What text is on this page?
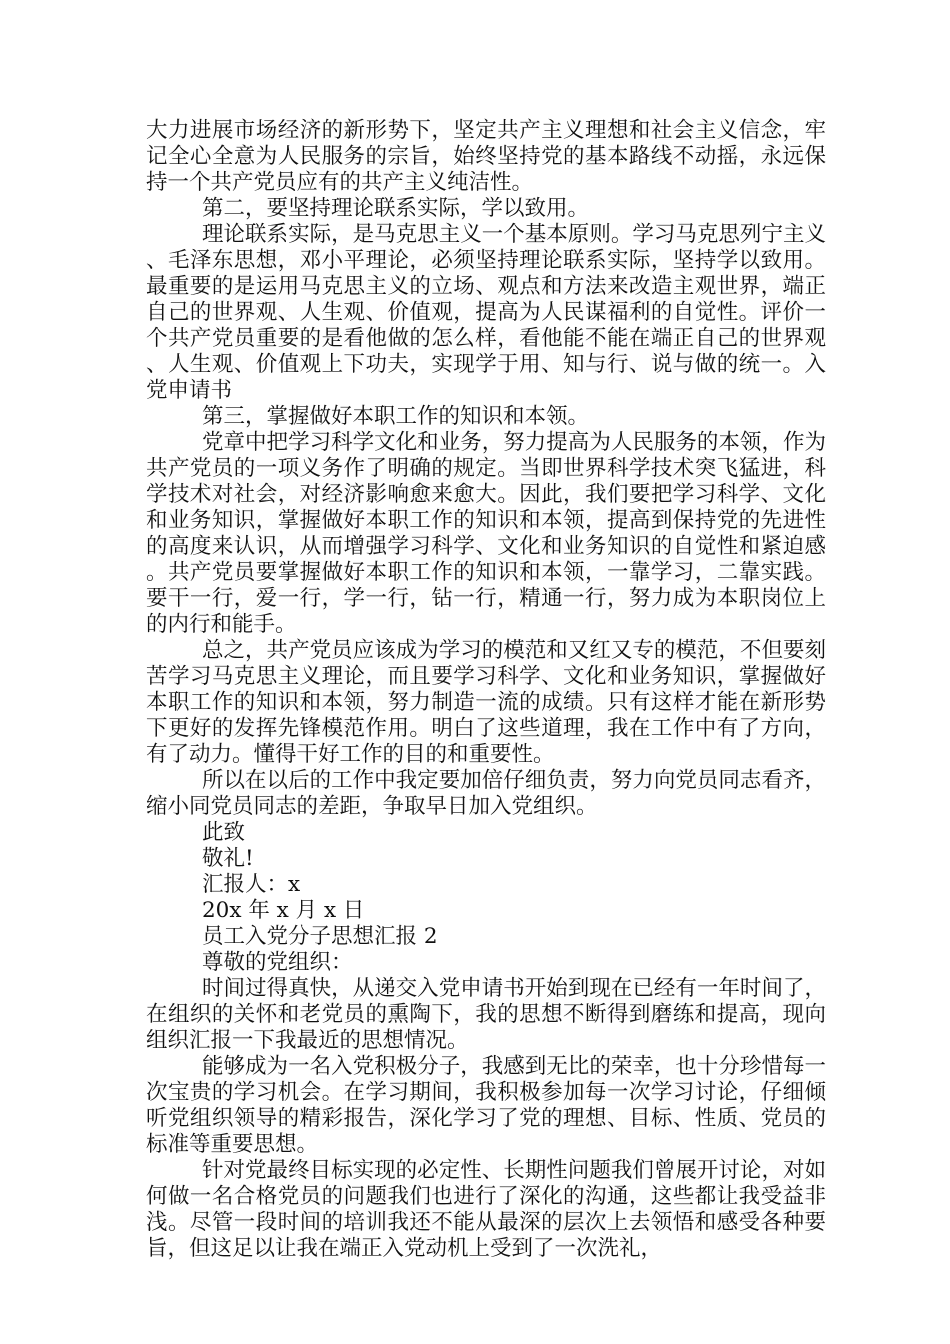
大力进展市场经济的新形势下，坚定共产主义理想和社会主义信念，牢记全心全意为人民服务的宗旨，始终坚持党的基本路线不动摇，永远保持一个共产党员应有的共产主义纯洁性。

第二，要坚持理论联系实际，学以致用。

理论联系实际，是马克思主义一个基本原则。学习马克思列宁主义、毛泽东思想，邓小平理论，必须坚持理论联系实际，坚持学以致用。最重要的是运用马克思主义的立场、观点和方法来改造主观世界，端正自己的世界观、人生观、价值观，提高为人民谋福利的自觉性。评价一个共产党员重要的是看他做的怎么样，看他能不能在端正自己的世界观、人生观、价值观上下功夫，实现学于用、知与行、说与做的统一。入党申请书

第三，掌握做好本职工作的知识和本领。

党章中把学习科学文化和业务，努力提高为人民服务的本领，作为共产党员的一项义务作了明确的规定。当即世界科学技术突飞猛进，科学技术对社会，对经济影响愈来愈大。因此，我们要把学习科学、文化和业务知识，掌握做好本职工作的知识和本领，提高到保持党的先进性的高度来认识，从而增强学习科学、文化和业务知识的自觉性和紧迫感。共产党员要掌握做好本职工作的知识和本领，一靠学习，二靠实践。要干一行，爱一行，学一行，钻一行，精通一行，努力成为本职岗位上的内行和能手。

总之，共产党员应该成为学习的模范和又红又专的模范，不但要刻苦学习马克思主义理论，而且要学习科学、文化和业务知识，掌握做好本职工作的知识和本领，努力制造一流的成绩。只有这样才能在新形势下更好的发挥先锋模范作用。明白了这些道理，我在工作中有了方向，有了动力。懂得干好工作的目的和重要性。

所以在以后的工作中我定要加倍仔细负责，努力向党员同志看齐，缩小同党员同志的差距，争取早日加入党组织。

此致

敬礼!

汇报人：x

20x 年 x 月 x 日

员工入党分子思想汇报 2

尊敬的党组织：

时间过得真快，从递交入党申请书开始到现在已经有一年时间了，在组织的关怀和老党员的熏陶下，我的思想不断得到磨练和提高，现向组织汇报一下我最近的思想情况。

能够成为一名入党积极分子，我感到无比的荣幸，也十分珍惜每一次宝贵的学习机会。在学习期间，我积极参加每一次学习讨论，仔细倾听党组织领导的精彩报告，深化学习了党的理想、目标、性质、党员的标准等重要思想。

针对党最终目标实现的必定性、长期性问题我们曾展开讨论，对如何做一名合格党员的问题我们也进行了深化的沟通，这些都让我受益非浅。尽管一段时间的培训我还不能从最深的层次上去领悟和感受各种要旨，但这足以让我在端正入党动机上受到了一次洗礼，
